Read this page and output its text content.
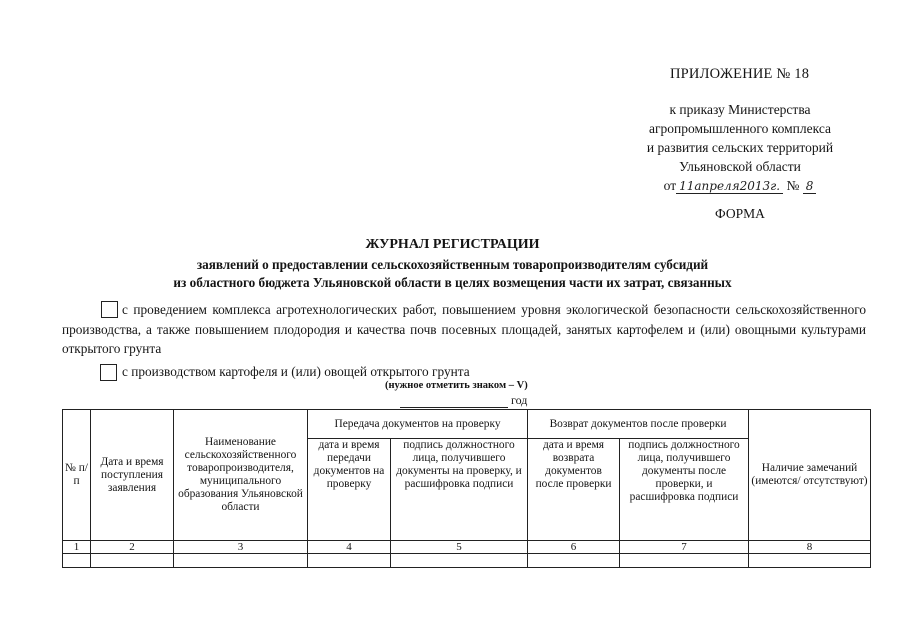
ПРИЛОЖЕНИЕ № 18
к приказу Министерства
агропромышленного комплекса
и развития сельских территорий
Ульяновской области
от 11апреля2013г. № 8
ФОРМА
ЖУРНАЛ РЕГИСТРАЦИИ
заявлений о предоставлении сельскохозяйственным товаропроизводителям субсидий
из областного бюджета Ульяновской области в целях возмещения части их затрат, связанных
с проведением комплекса агротехнологических работ, повышением уровня экологической безопасности сельскохозяйственного производства, а также повышением плодородия и качества почв посевных площадей, занятых картофелем и (или) овощными культурами открытого грунта
с производством картофеля и (или) овощей открытого грунта
(нужное отметить знаком – V)
год
№ п/п	Дата и время поступления заявления	Наименование сельскохозяйственного товаропроизводителя, муниципального образования Ульяновской области	Передача документов на проверку		Возврат документов после проверки		Наличие замечаний (имеются/ отсутствуют)
			дата и время передачи документов на проверку	подпись должностного лица, получившего документы на проверку, и расшифровка подписи	дата и время возврата документов после проверки	подпись должностного лица, получившего документы после проверки, и расшифровка подписи	
1	2	3	4	5	6	7	8
